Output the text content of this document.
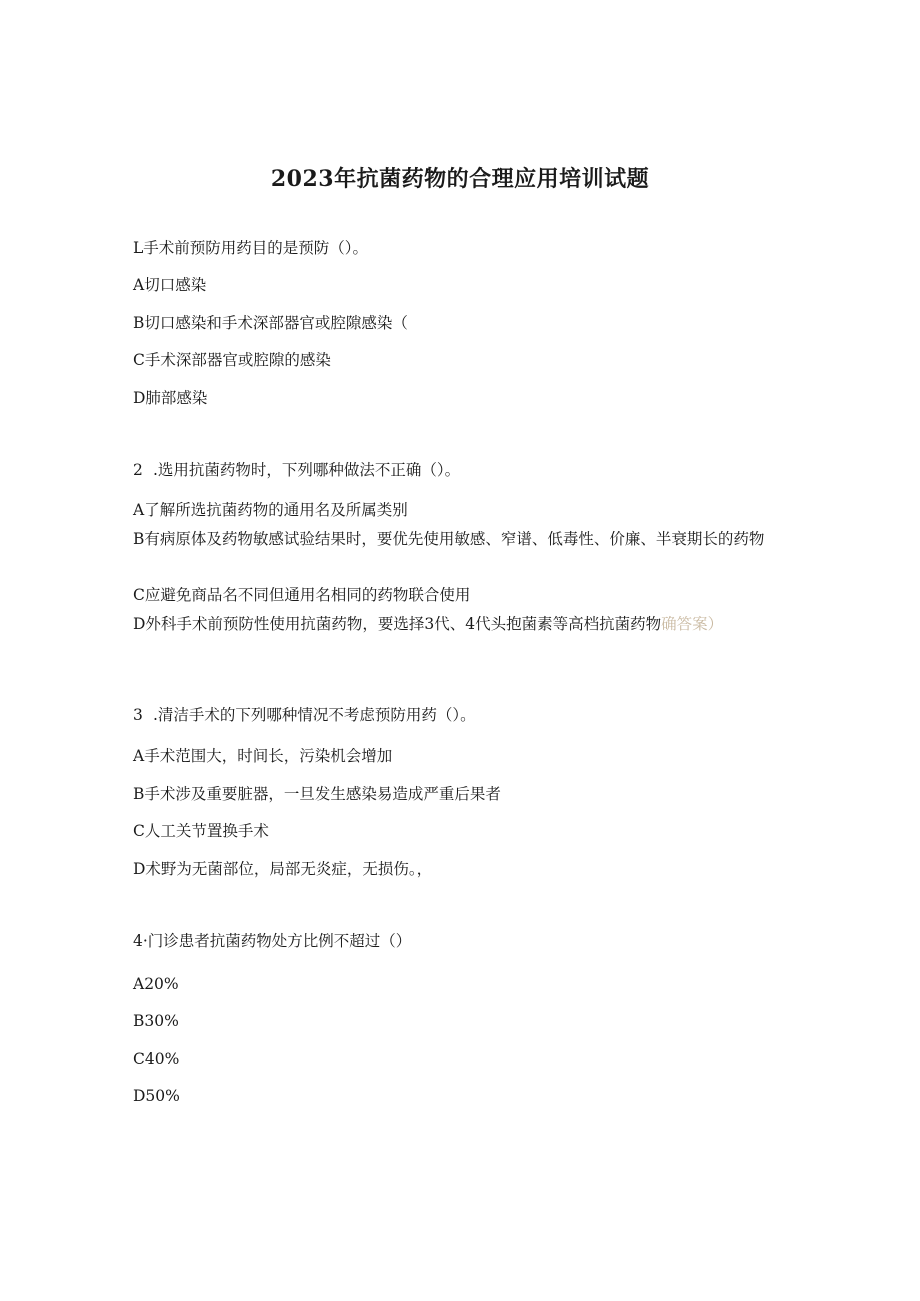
2023年抗菌药物的合理应用培训试题
L手术前预防用药目的是预防（）。
A切口感染
B切口感染和手术深部器官或腔隙感染（
C手术深部器官或腔隙的感染
D肺部感染
2 .选用抗菌药物时，下列哪种做法不正确（）。
A了解所选抗菌药物的通用名及所属类别
B有病原体及药物敏感试验结果时，要优先使用敏感、窄谱、低毒性、价廉、半衰期长的药物
C应避免商品名不同但通用名相同的药物联合使用
D外科手术前预防性使用抗菌药物，要选择3代、4代头抱菌素等高档抗菌药物确答案）
3 .清洁手术的下列哪种情况不考虑预防用药（）。
A手术范围大，时间长，污染机会增加
B手术涉及重要脏器，一旦发生感染易造成严重后果者
C人工关节置换手术
D术野为无菌部位，局部无炎症，无损伤。，
4·门诊患者抗菌药物处方比例不超过（）
A20%
B30%
C40%
D50%
